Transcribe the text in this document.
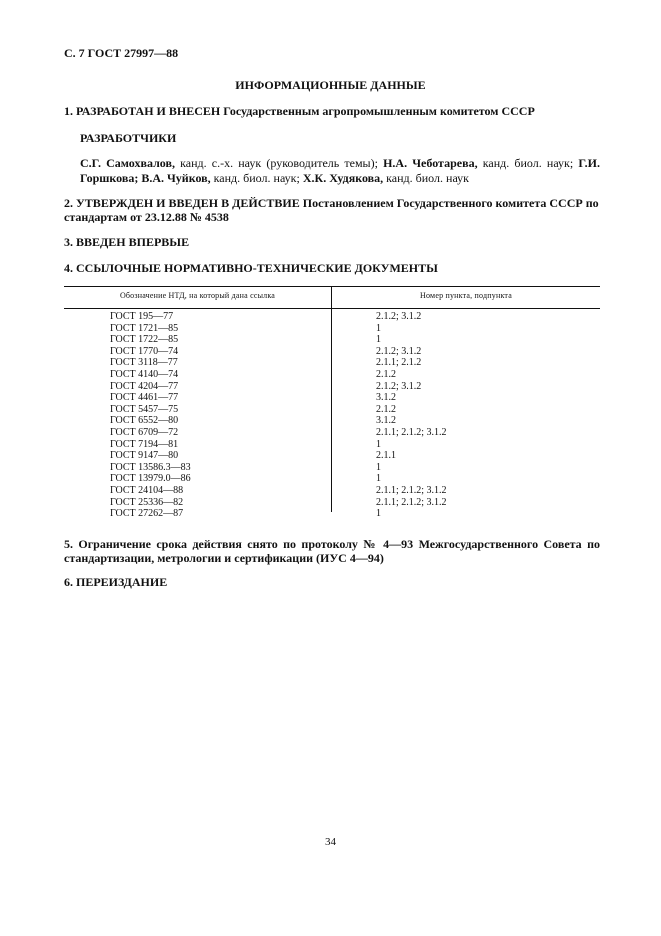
С. 7 ГОСТ 27997—88
ИНФОРМАЦИОННЫЕ ДАННЫЕ
1. РАЗРАБОТАН И ВНЕСЕН Государственным агропромышленным комитетом СССР
РАЗРАБОТЧИКИ
С.Г. Самохвалов, канд. с.-х. наук (руководитель темы); Н.А. Чеботарева, канд. биол. наук; Г.И. Горшкова; В.А. Чуйков, канд. биол. наук; Х.К. Худякова, канд. биол. наук
2. УТВЕРЖДЕН И ВВЕДЕН В ДЕЙСТВИЕ Постановлением Государственного комитета СССР по стандартам от 23.12.88 № 4538
3. ВВЕДЕН ВПЕРВЫЕ
4. ССЫЛОЧНЫЕ НОРМАТИВНО-ТЕХНИЧЕСКИЕ ДОКУМЕНТЫ
Обозначение НТД, на который дана ссылка	Номер пункта, подпункта
ГОСТ 195—77
ГОСТ 1721—85
ГОСТ 1722—85
ГОСТ 1770—74
ГОСТ 3118—77
ГОСТ 4140—74
ГОСТ 4204—77
ГОСТ 4461—77
ГОСТ 5457—75
ГОСТ 6552—80
ГОСТ 6709—72
ГОСТ 7194—81
ГОСТ 9147—80
ГОСТ 13586.3—83
ГОСТ 13979.0—86
ГОСТ 24104—88
ГОСТ 25336—82
ГОСТ 27262—87
2.1.2; 3.1.2
1
1
2.1.2; 3.1.2
2.1.1; 2.1.2
2.1.2
2.1.2; 3.1.2
3.1.2
2.1.2
3.1.2
2.1.1; 2.1.2; 3.1.2
1
2.1.1
1
1
2.1.1; 2.1.2; 3.1.2
2.1.1; 2.1.2; 3.1.2
1
5. Ограничение срока действия снято по протоколу № 4—93 Межгосударственного Совета по стандартизации, метрологии и сертификации (ИУС 4—94)
6. ПЕРЕИЗДАНИЕ
34
